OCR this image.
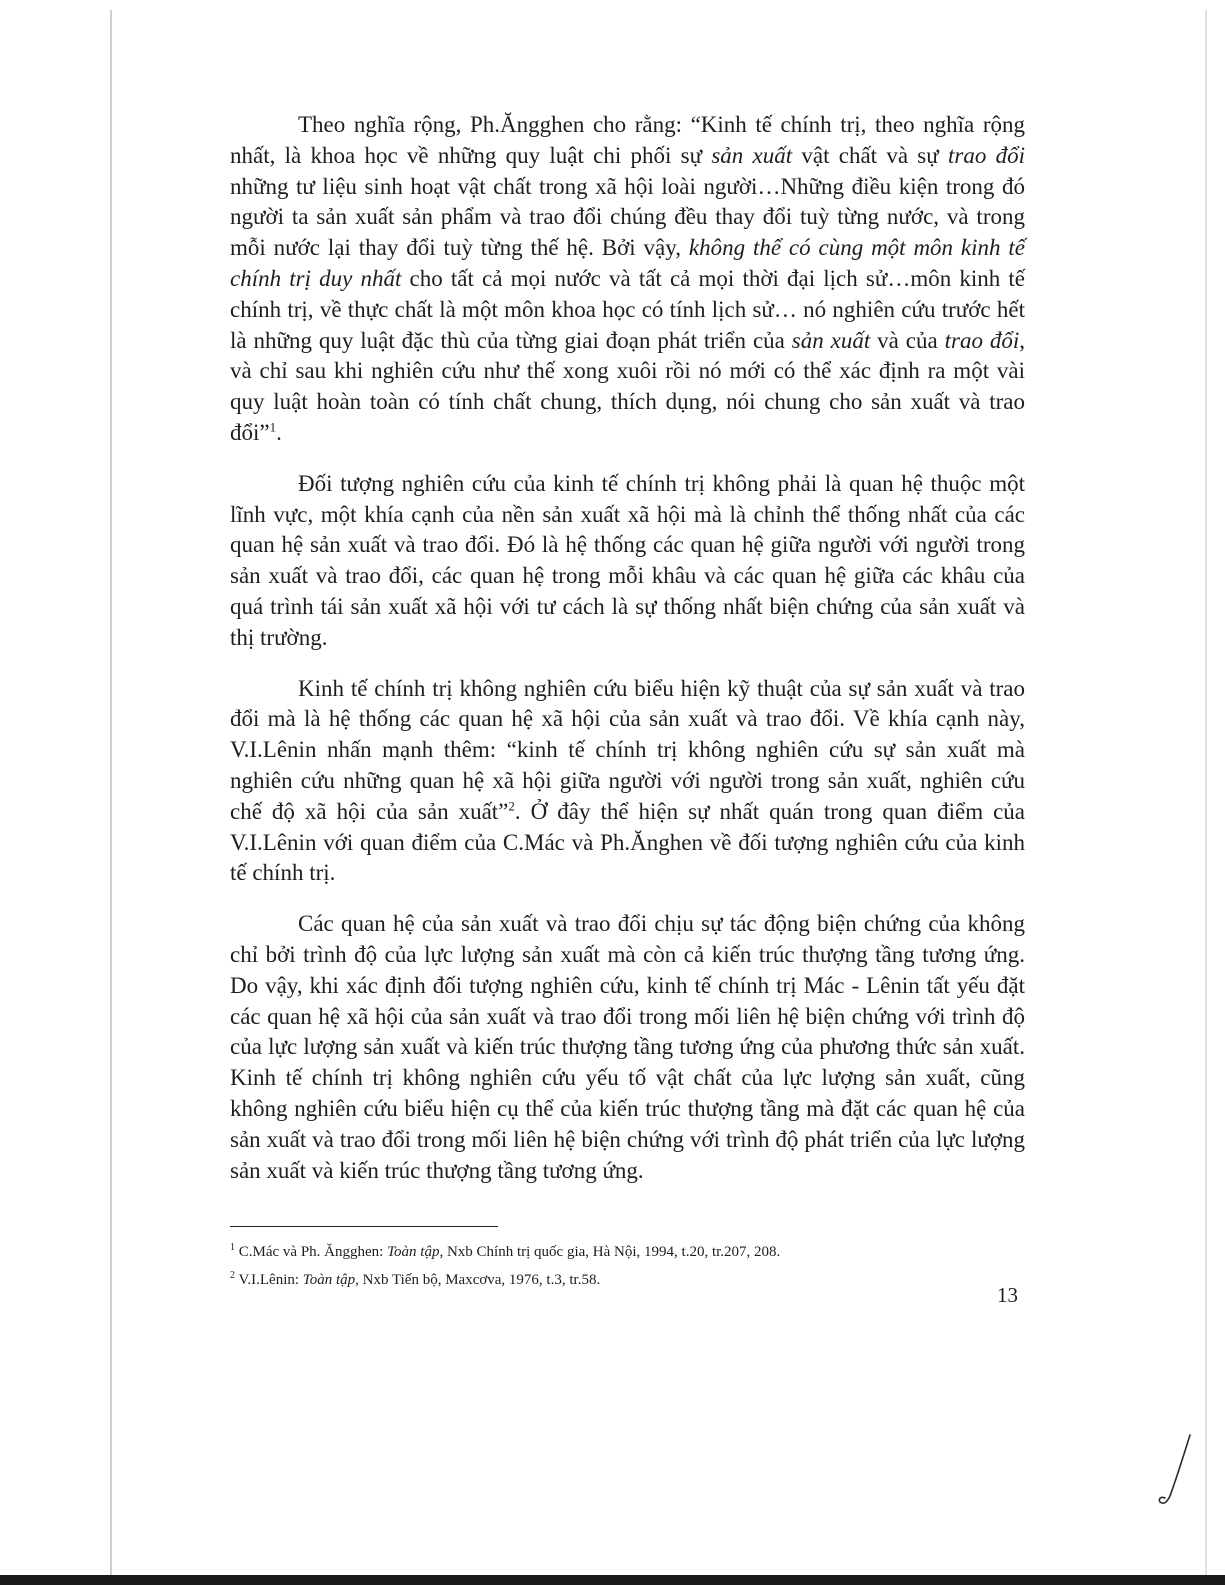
Theo nghĩa rộng, Ph.Ăngghen cho rằng: “Kinh tế chính trị, theo nghĩa rộng nhất, là khoa học về những quy luật chi phối sự sản xuất vật chất và sự trao đổi những tư liệu sinh hoạt vật chất trong xã hội loài người…Những điều kiện trong đó người ta sản xuất sản phẩm và trao đổi chúng đều thay đổi tuỳ từng nước, và trong mỗi nước lại thay đổi tuỳ từng thế hệ. Bởi vậy, không thể có cùng một môn kinh tế chính trị duy nhất cho tất cả mọi nước và tất cả mọi thời đại lịch sử…môn kinh tế chính trị, về thực chất là một môn khoa học có tính lịch sử… nó nghiên cứu trước hết là những quy luật đặc thù của từng giai đoạn phát triển của sản xuất và của trao đổi, và chỉ sau khi nghiên cứu như thế xong xuôi rồi nó mới có thể xác định ra một vài quy luật hoàn toàn có tính chất chung, thích dụng, nói chung cho sản xuất và trao đổi”$^1$.

Đối tượng nghiên cứu của kinh tế chính trị không phải là quan hệ thuộc một lĩnh vực, một khía cạnh của nền sản xuất xã hội mà là chỉnh thể thống nhất của các quan hệ sản xuất và trao đổi. Đó là hệ thống các quan hệ giữa người với người trong sản xuất và trao đổi, các quan hệ trong mỗi khâu và các quan hệ giữa các khâu của quá trình tái sản xuất xã hội với tư cách là sự thống nhất biện chứng của sản xuất và thị trường.

Kinh tế chính trị không nghiên cứu biểu hiện kỹ thuật của sự sản xuất và trao đổi mà là hệ thống các quan hệ xã hội của sản xuất và trao đổi. Về khía cạnh này, V.I.Lênin nhấn mạnh thêm: “kinh tế chính trị không nghiên cứu sự sản xuất mà nghiên cứu những quan hệ xã hội giữa người với người trong sản xuất, nghiên cứu chế độ xã hội của sản xuất”$^2$. Ở đây thể hiện sự nhất quán trong quan điểm của V.I.Lênin với quan điểm của C.Mác và Ph.Ănghen về đối tượng nghiên cứu của kinh tế chính trị.

Các quan hệ của sản xuất và trao đổi chịu sự tác động biện chứng của không chỉ bởi trình độ của lực lượng sản xuất mà còn cả kiến trúc thượng tầng tương ứng. Do vậy, khi xác định đối tượng nghiên cứu, kinh tế chính trị Mác - Lênin tất yếu đặt các quan hệ xã hội của sản xuất và trao đổi trong mối liên hệ biện chứng với trình độ của lực lượng sản xuất và kiến trúc thượng tầng tương ứng của phương thức sản xuất. Kinh tế chính trị không nghiên cứu yếu tố vật chất của lực lượng sản xuất, cũng không nghiên cứu biểu hiện cụ thể của kiến trúc thượng tầng mà đặt các quan hệ của sản xuất và trao đổi trong mối liên hệ biện chứng với trình độ phát triển của lực lượng sản xuất và kiến trúc thượng tầng tương ứng.

$^1$ C.Mác và Ph. Ăngghen: Toàn tập, Nxb Chính trị quốc gia, Hà Nội, 1994, t.20, tr.207, 208.

$^2$ V.I.Lênin: Toàn tập, Nxb Tiến bộ, Maxcơva, 1976, t.3, tr.58.

13
